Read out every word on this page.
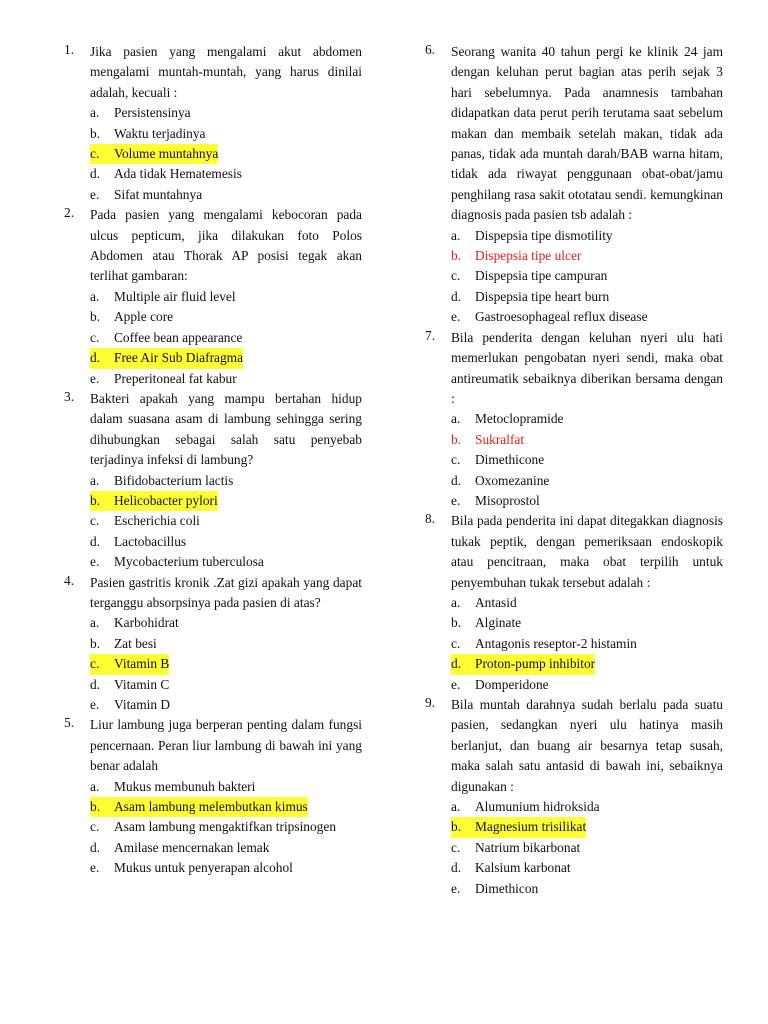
1. Jika pasien yang mengalami akut abdomen mengalami muntah-muntah, yang harus dinilai adalah, kecuali :
a. Persistensinya
b. Waktu terjadinya
c. Volume muntahnya
d. Ada tidak Hematemesis
e. Sifat muntahnya
2. Pada pasien yang mengalami kebocoran pada ulcus pepticum, jika dilakukan foto Polos Abdomen atau Thorak AP posisi tegak akan terlihat gambaran:
a. Multiple air fluid level
b. Apple core
c. Coffee bean appearance
d. Free Air Sub Diafragma
e. Preperitoneal fat kabur
3. Bakteri apakah yang mampu bertahan hidup dalam suasana asam di lambung sehingga sering dihubungkan sebagai salah satu penyebab terjadinya infeksi di lambung?
a. Bifidobacterium lactis
b. Helicobacter pylori
c. Escherichia coli
d. Lactobacillus
e. Mycobacterium tuberculosa
4. Pasien gastritis kronik .Zat gizi apakah yang dapat terganggu absorpsinya pada pasien di atas?
a. Karbohidrat
b. Zat besi
c. Vitamin B
d. Vitamin C
e. Vitamin D
5. Liur lambung juga berperan penting dalam fungsi pencernaan. Peran liur lambung di bawah ini yang benar adalah
a. Mukus membunuh bakteri
b. Asam lambung melembutkan kimus
c. Asam lambung mengaktifkan tripsinogen
d. Amilase mencernakan lemak
e. Mukus untuk penyerapan alcohol
6. Seorang wanita 40 tahun pergi ke klinik 24 jam dengan keluhan perut bagian atas perih sejak 3 hari sebelumnya. Pada anamnesis tambahan didapatkan data perut perih terutama saat sebelum makan dan membaik setelah makan, tidak ada panas, tidak ada muntah darah/BAB warna hitam, tidak ada riwayat penggunaan obat-obat/jamu penghilang rasa sakit ototatau sendi. kemungkinan diagnosis pada pasien tsb adalah :
a. Dispepsia tipe dismotility
b. Dispepsia tipe ulcer
c. Dispepsia tipe campuran
d. Dispepsia tipe heart burn
e. Gastroesophageal reflux disease
7. Bila penderita dengan keluhan nyeri ulu hati memerlukan pengobatan nyeri sendi, maka obat antireumatik sebaiknya diberikan bersama dengan :
a. Metoclopramide
b. Sukralfat
c. Dimethicone
d. Oxomezanine
e. Misoprostol
8. Bila pada penderita ini dapat ditegakkan diagnosis tukak peptik, dengan pemeriksaan endoskopik atau pencitraan, maka obat terpilih untuk penyembuhan tukak tersebut adalah :
a. Antasid
b. Alginate
c. Antagonis reseptor-2 histamin
d. Proton-pump inhibitor
e. Domperidone
9. Bila muntah darahnya sudah berlalu pada suatu pasien, sedangkan nyeri ulu hatinya masih berlanjut, dan buang air besarnya tetap susah, maka salah satu antasid di bawah ini, sebaiknya digunakan :
a. Alumunium hidroksida
b. Magnesium trisilikat
c. Natrium bikarbonat
d. Kalsium karbonat
e. Dimethicon
